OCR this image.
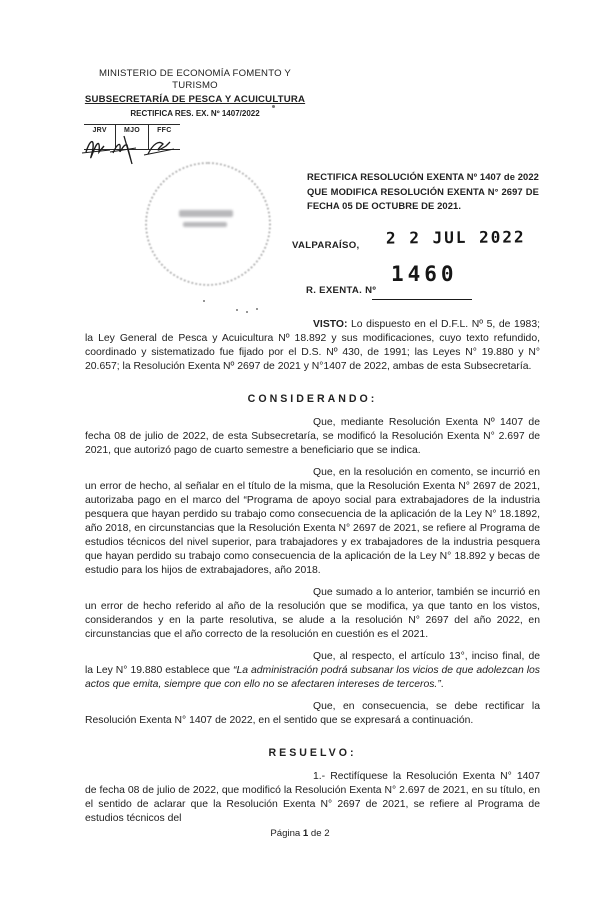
MINISTERIO DE ECONOMÍA FOMENTO Y TURISMO
SUBSECRETARÍA DE PESCA Y ACUICULTURA
RECTIFICA RES. EX. Nº 1407/2022
JRV	MJO	FFC
RECTIFICA RESOLUCIÓN EXENTA Nº 1407 de 2022 QUE MODIFICA RESOLUCIÓN EXENTA N° 2697 DE FECHA 05 DE OCTUBRE DE 2021.
VALPARAÍSO, 2 2 JUL 2022
R. EXENTA. Nº
1460

VISTO: Lo dispuesto en el D.F.L. Nº 5, de 1983; la Ley General de Pesca y Acuicultura Nº 18.892 y sus modificaciones, cuyo texto refundido, coordinado y sistematizado fue fijado por el D.S. Nº 430, de 1991; las Leyes N° 19.880 y N° 20.657; la Resolución Exenta Nº 2697 de 2021 y N°1407 de 2022, ambas de esta Subsecretaría.

CONSIDERANDO:

Que, mediante Resolución Exenta Nº 1407 de fecha 08 de julio de 2022, de esta Subsecretaría, se modificó la Resolución Exenta N° 2.697 de 2021, que autorizó pago de cuarto semestre a beneficiario que se indica.

Que, en la resolución en comento, se incurrió en un error de hecho, al señalar en el título de la misma, que la Resolución Exenta N° 2697 de 2021, autorizaba pago en el marco del “Programa de apoyo social para extrabajadores de la industria pesquera que hayan perdido su trabajo como consecuencia de la aplicación de la Ley N° 18.1892, año 2018, en circunstancias que la Resolución Exenta N° 2697 de 2021, se refiere al Programa de estudios técnicos del nivel superior, para trabajadores y ex trabajadores de la industria pesquera que hayan perdido su trabajo como consecuencia de la aplicación de la Ley N° 18.892 y becas de estudio para los hijos de extrabajadores, año 2018.

Que sumado a lo anterior, también se incurrió en un error de hecho referido al año de la resolución que se modifica, ya que tanto en los vistos, considerandos y en la parte resolutiva, se alude a la resolución N° 2697 del año 2022, en circunstancias que el año correcto de la resolución en cuestión es el 2021.

Que, al respecto, el artículo 13°, inciso final, de la Ley N° 19.880 establece que “La administración podrá subsanar los vicios de que adolezcan los actos que emita, siempre que con ello no se afectaren intereses de terceros.”.

Que, en consecuencia, se debe rectificar la Resolución Exenta N° 1407 de 2022, en el sentido que se expresará a continuación.

RESUELVO:

1.- Rectifíquese la Resolución Exenta N° 1407 de fecha 08 de julio de 2022, que modificó la Resolución Exenta N° 2.697 de 2021, en su título, en el sentido de aclarar que la Resolución Exenta N° 2697 de 2021, se refiere al Programa de estudios técnicos del

Página 1 de 2
